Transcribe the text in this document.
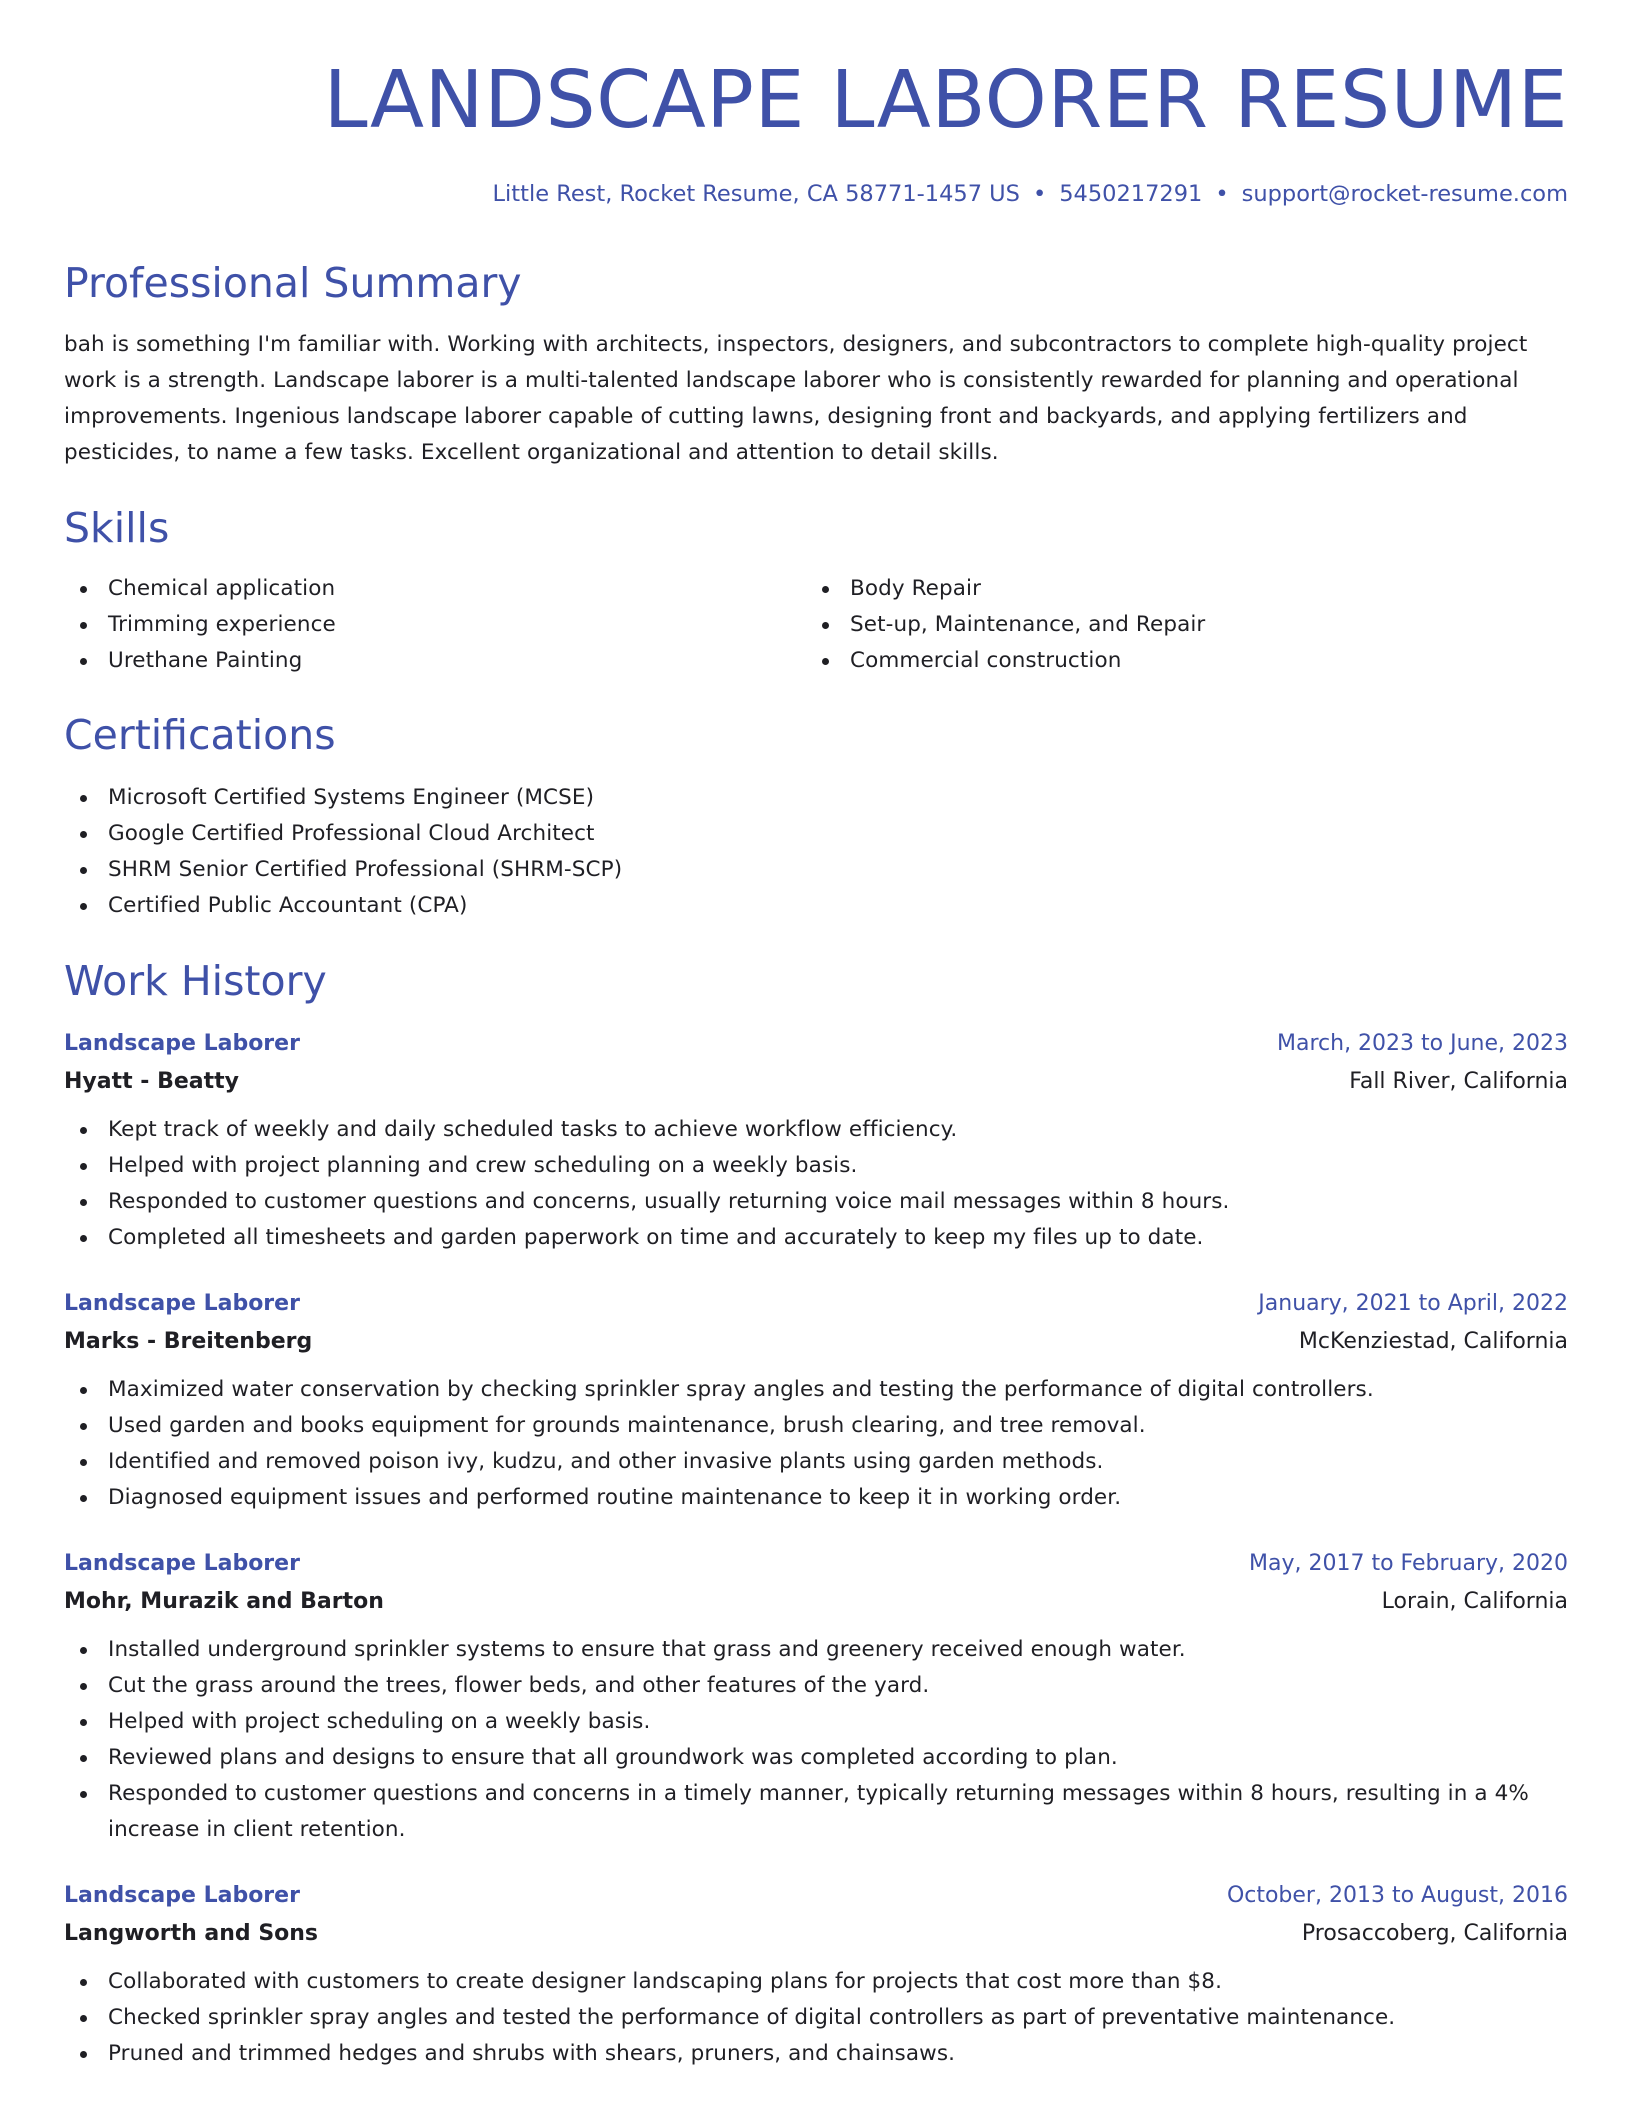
LANDSCAPE LABORER RESUME
Little Rest, Rocket Resume, CA 58771-1457 US • 5450217291 • support@rocket-resume.com
Professional Summary

bah is something I'm familiar with. Working with architects, inspectors, designers, and subcontractors to complete high-quality project work is a strength. Landscape laborer is a multi-talented landscape laborer who is consistently rewarded for planning and operational improvements. Ingenious landscape laborer capable of cutting lawns, designing front and backyards, and applying fertilizers and pesticides, to name a few tasks. Excellent organizational and attention to detail skills.

Skills
Chemical application
Trimming experience
Urethane Painting
Body Repair
Set-up, Maintenance, and Repair
Commercial construction
Certifications
Microsoft Certified Systems Engineer (MCSE)
Google Certified Professional Cloud Architect
SHRM Senior Certified Professional (SHRM-SCP)
Certified Public Accountant (CPA)
Work History
Landscape Laborer	March, 2023 to June, 2023
Hyatt - Beatty	Fall River, California
Kept track of weekly and daily scheduled tasks to achieve workflow efficiency.
Helped with project planning and crew scheduling on a weekly basis.
Responded to customer questions and concerns, usually returning voice mail messages within 8 hours.
Completed all timesheets and garden paperwork on time and accurately to keep my files up to date.
Landscape Laborer	January, 2021 to April, 2022
Marks - Breitenberg	McKenziestad, California
Maximized water conservation by checking sprinkler spray angles and testing the performance of digital controllers.
Used garden and books equipment for grounds maintenance, brush clearing, and tree removal.
Identified and removed poison ivy, kudzu, and other invasive plants using garden methods.
Diagnosed equipment issues and performed routine maintenance to keep it in working order.
Landscape Laborer	May, 2017 to February, 2020
Mohr, Murazik and Barton	Lorain, California
Installed underground sprinkler systems to ensure that grass and greenery received enough water.
Cut the grass around the trees, flower beds, and other features of the yard.
Helped with project scheduling on a weekly basis.
Reviewed plans and designs to ensure that all groundwork was completed according to plan.
Responded to customer questions and concerns in a timely manner, typically returning messages within 8 hours, resulting in a 4% increase in client retention.
Landscape Laborer	October, 2013 to August, 2016
Langworth and Sons	Prosaccoberg, California
Collaborated with customers to create designer landscaping plans for projects that cost more than $8.
Checked sprinkler spray angles and tested the performance of digital controllers as part of preventative maintenance.
Pruned and trimmed hedges and shrubs with shears, pruners, and chainsaws.
